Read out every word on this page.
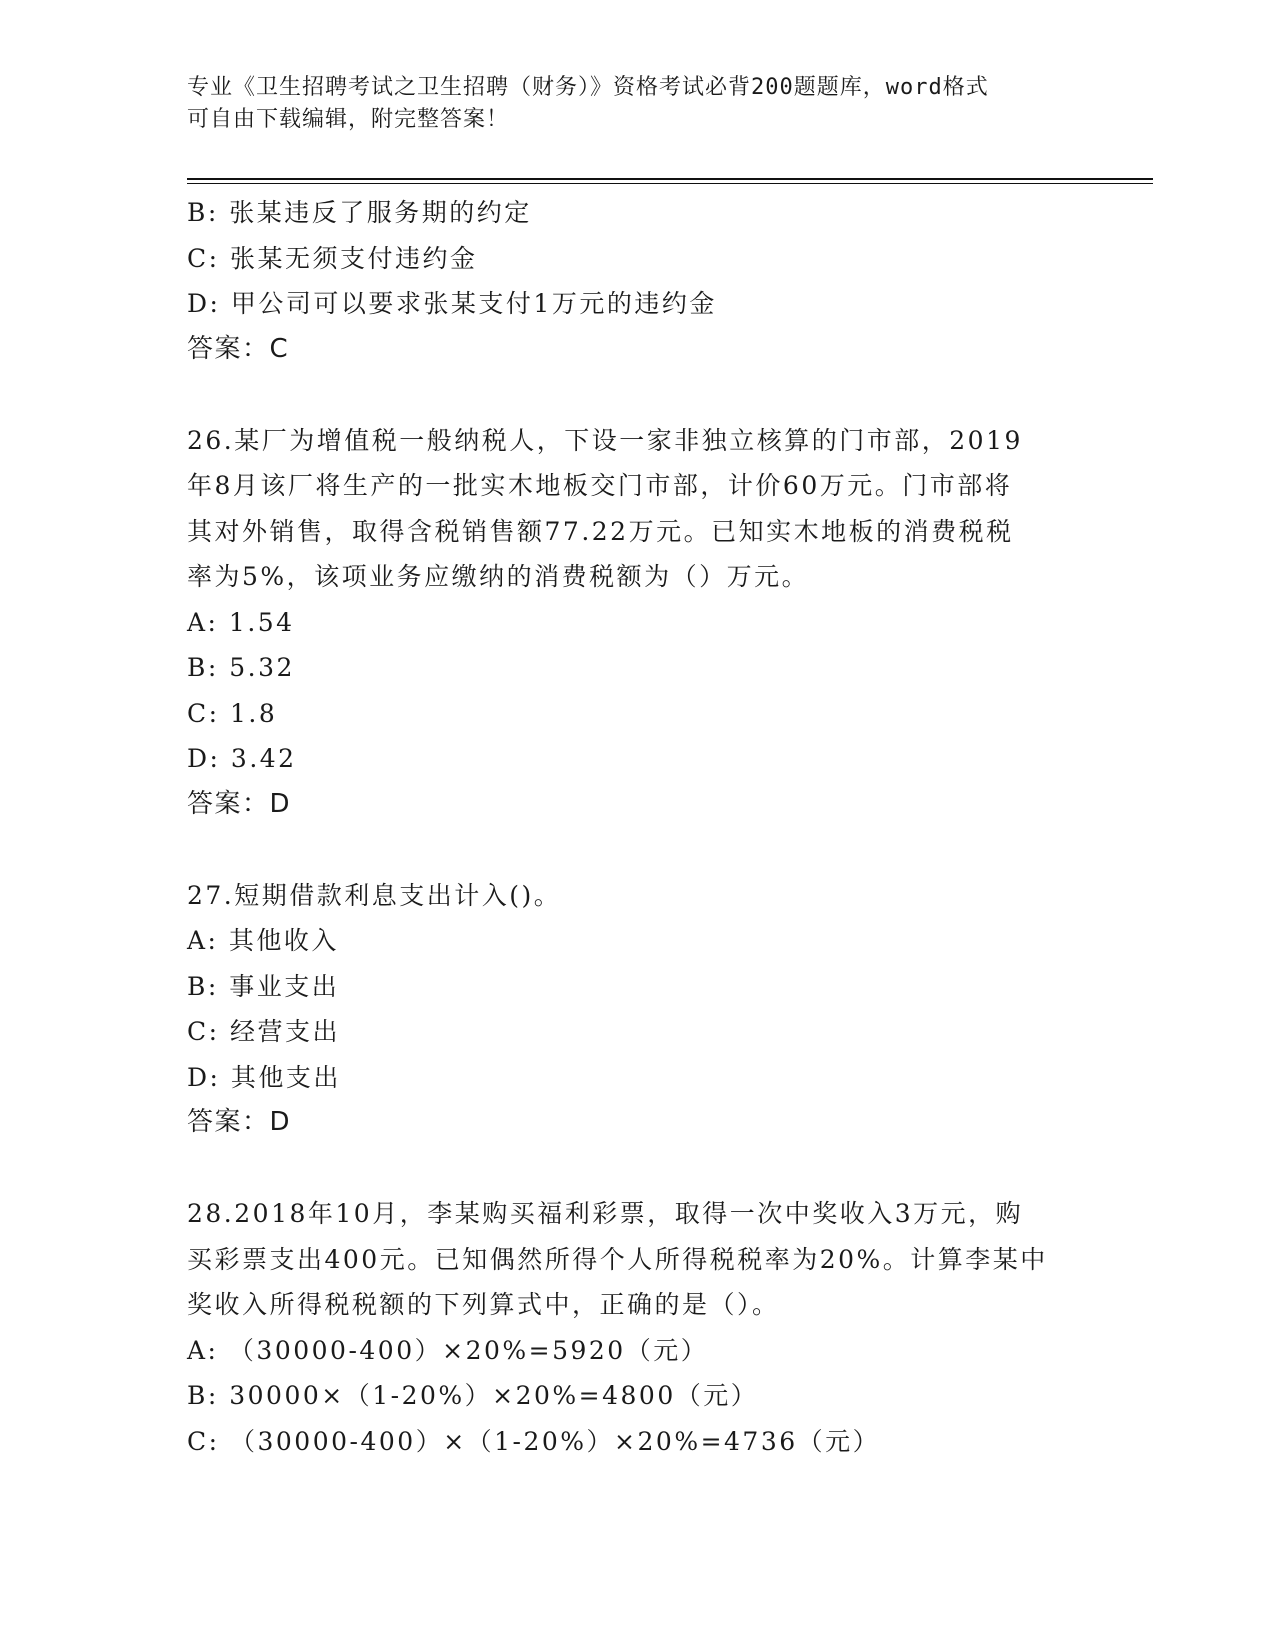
专业《卫生招聘考试之卫生招聘（财务）》资格考试必背200题题库，word格式
可自由下载编辑，附完整答案！
B: 张某违反了服务期的约定
C: 张某无须支付违约金
D: 甲公司可以要求张某支付1万元的违约金
答案：C
26.某厂为增值税一般纳税人，下设一家非独立核算的门市部，2019
年8月该厂将生产的一批实木地板交门市部，计价60万元。门市部将
其对外销售，取得含税销售额77.22万元。已知实木地板的消费税税
率为5%，该项业务应缴纳的消费税额为（）万元。
A: 1.54
B: 5.32
C: 1.8
D: 3.42
答案：D
27.短期借款利息支出计入()。
A: 其他收入
B: 事业支出
C: 经营支出
D: 其他支出
答案：D
28.2018年10月，李某购买福利彩票，取得一次中奖收入3万元，购
买彩票支出400元。已知偶然所得个人所得税税率为20%。计算李某中
奖收入所得税税额的下列算式中，正确的是（）。
A: （30000-400）×20%=5920（元）
B: 30000×（1-20%）×20%=4800（元）
C: （30000-400）×（1-20%）×20%=4736（元）
